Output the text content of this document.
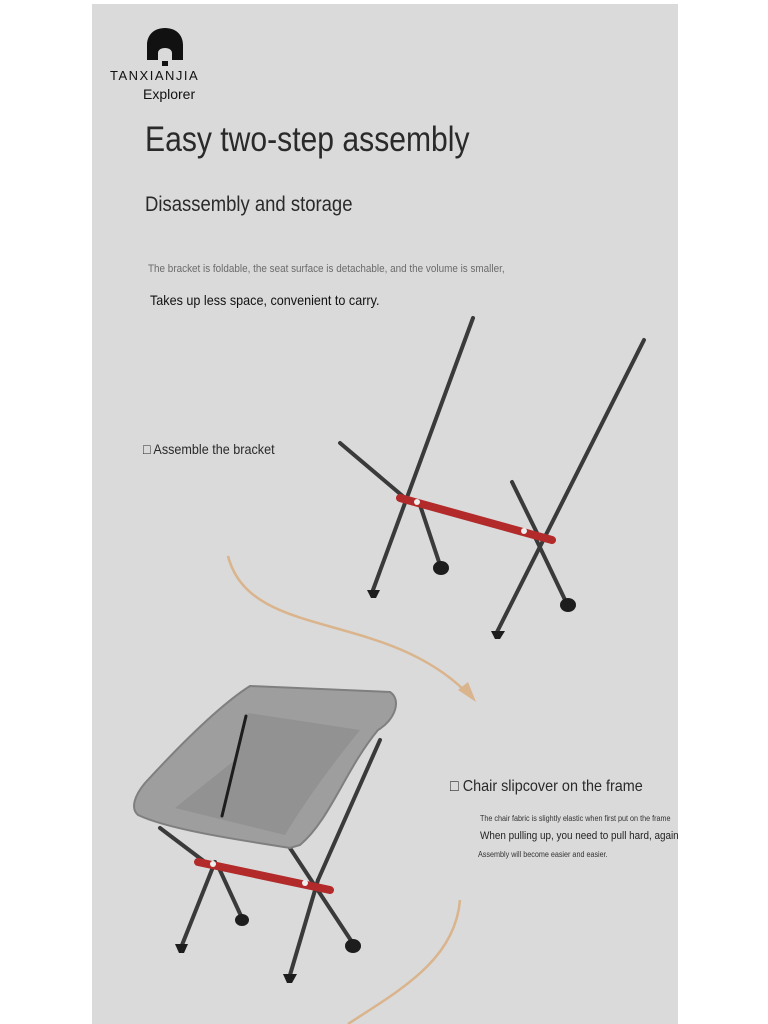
TANXIANJIA
Explorer
Easy two-step assembly
Disassembly and storage
The bracket is foldable, the seat surface is detachable, and the volume is smaller,
Takes up less space, convenient to carry.
□ Assemble the bracket
□ Chair slipcover on the frame
The chair fabric is slightly elastic when first put on the frame
When pulling up, you need to pull hard, again
Assembly will become easier and easier.
